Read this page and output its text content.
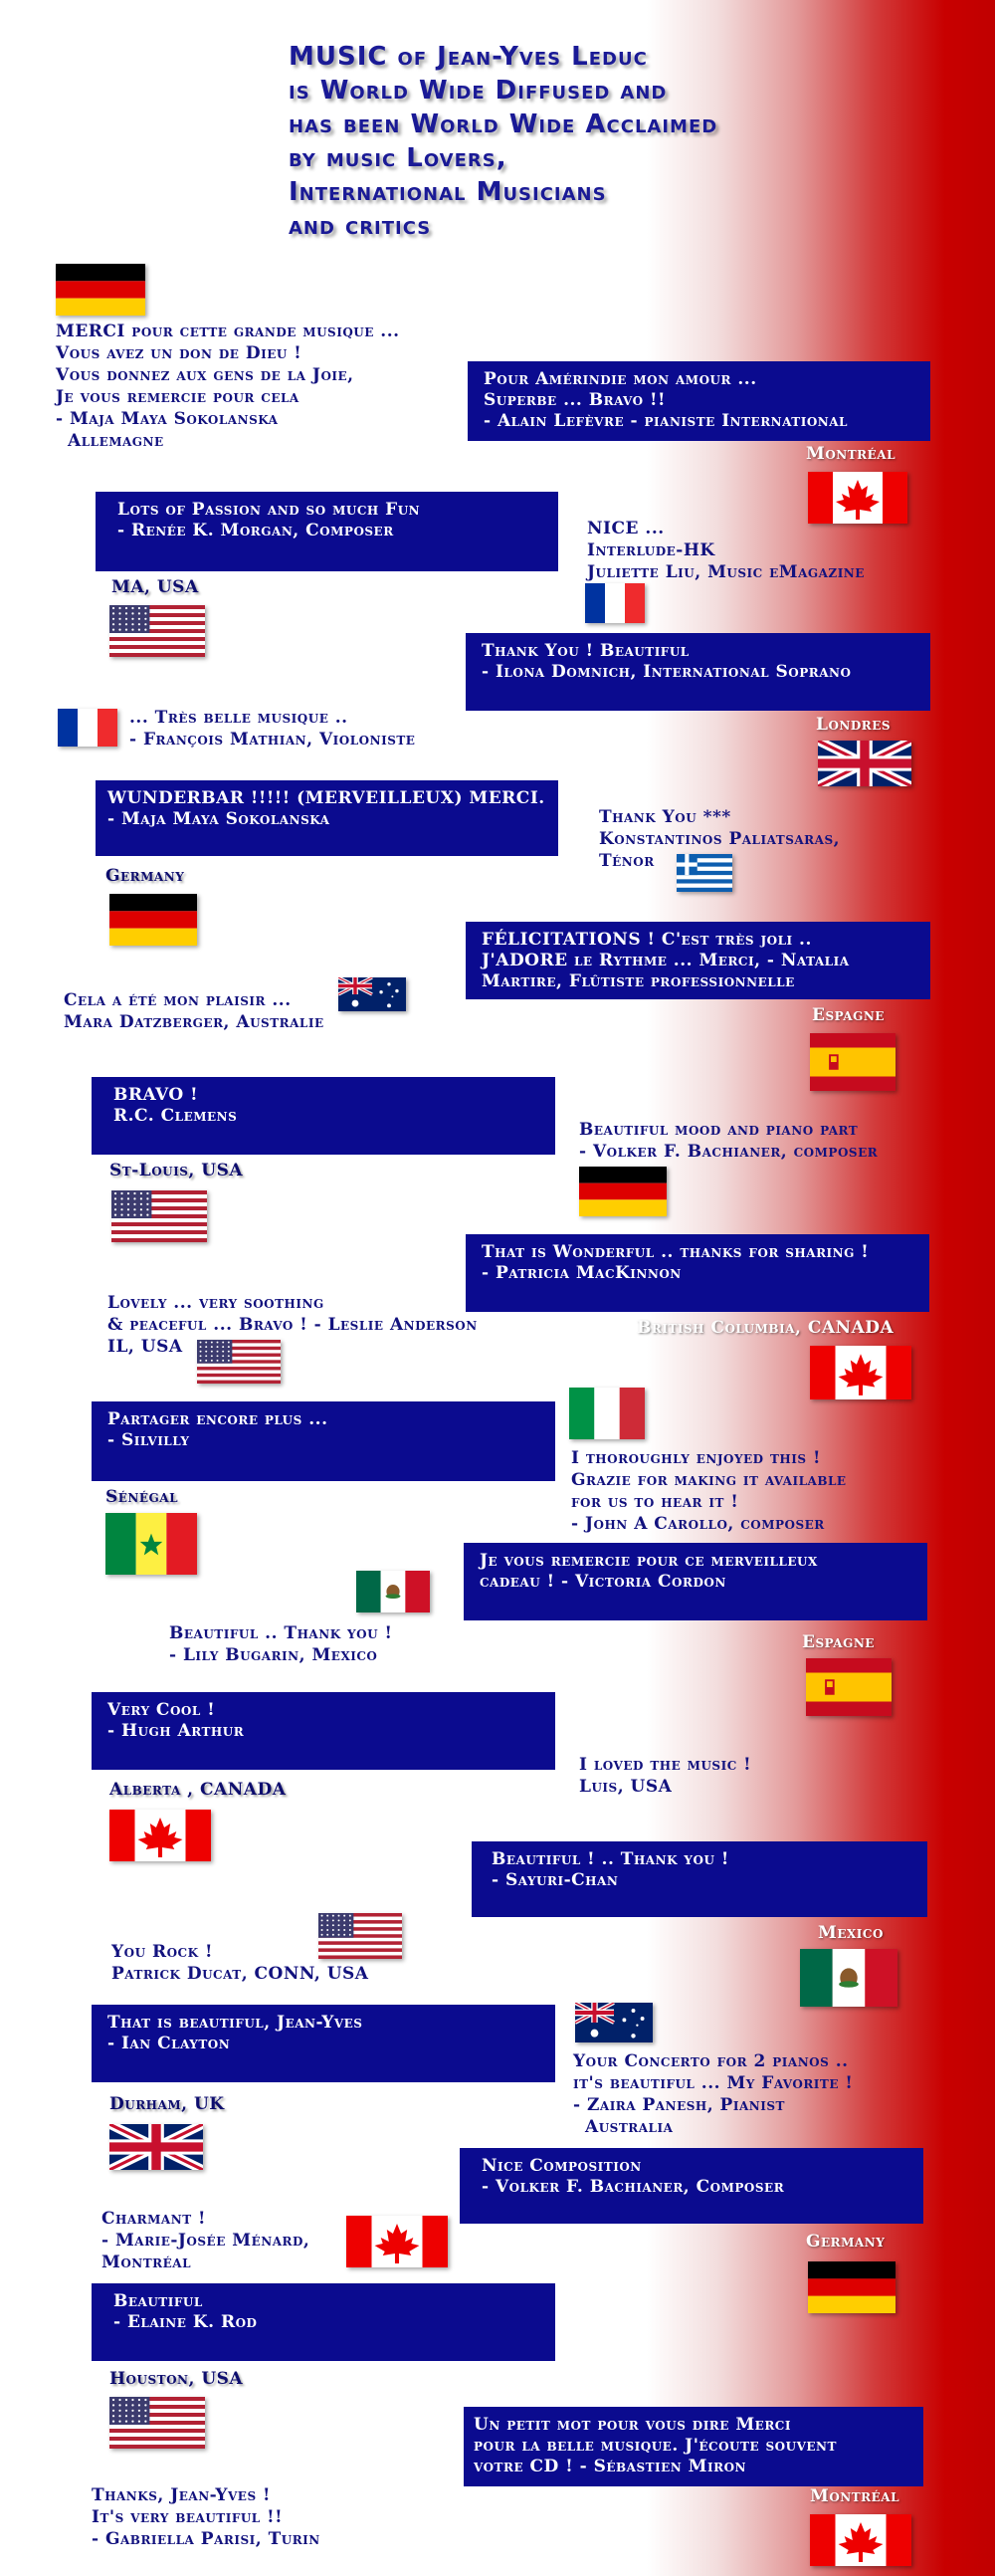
MUSIC of Jean-Yves Leduc
is World Wide Diffused and
has been World Wide Acclaimed
by music Lovers,
International Musicians
and critics
MERCI pour cette grande musique ...
Vous avez un don de Dieu !
Vous donnez aux gens de la Joie,
Je vous remercie pour cela
- Maja Maya Sokolanska
Allemagne
Pour Amérindie mon amour ...
Superbe ... Bravo !!
- Alain Lefèvre - pianiste International
Montréal
Lots of Passion and so much Fun
- Renée K. Morgan, Composer	NICE ...
Interlude-HK
Juliette Liu, Music eMagazine
MA, USA
Thank You ! Beautiful
- Ilona Domnich, International Soprano
... Très belle musique ..
- François Mathian, Violoniste
Londres
WUNDERBAR !!!!! (MERVEILLEUX) MERCI.
- Maja Maya Sokolanska	Thank You ***
Konstantinos Paliatsaras,
Ténor
Germany
FÉLICITATIONS ! C'est très joli ..
J'ADORE le Rythme ... Merci, - Natalia
Martire, Flûtiste professionnelle
Cela a été mon plaisir ...
Mara Datzberger, Australie	Espagne
BRAVO !
R.C. Clemens
Beautiful mood and piano part
- Volker F. Bachianer, composer
St-Louis, USA
That is Wonderful .. thanks for sharing !
- Patricia MacKinnon
Lovely ... very soothing
& peaceful ... Bravo ! - Leslie Anderson
IL, USA
British Columbia, CANADA
Partager encore plus ...
- Silvilly
I thoroughly enjoyed this !
Grazie for making it available
for us to hear it !
- John A Carollo, composer
Sénégal
Je vous remercie pour ce merveilleux
cadeau ! - Victoria Cordon
Beautiful .. Thank you !
- Lily Bugarin, Mexico
Espagne
Very Cool !
- Hugh Arthur
I loved the music !
Luis, USA
Alberta , CANADA
Beautiful ! .. Thank you !
- Sayuri-Chan
You Rock !
Patrick Ducat, CONN, USA
Mexico
That is beautiful, Jean-Yves
- Ian Clayton
Your Concerto for 2 pianos ..
it's beautiful ... My Favorite !
- Zaira Panesh, Pianist
Australia
Durham, UK
Nice Composition
- Volker F. Bachianer, Composer
Charmant !
- Marie-Josée Ménard,
Montréal
Germany
Beautiful
- Elaine K. Rod
Houston, USA
Un petit mot pour vous dire Merci
pour la belle musique. J'écoute souvent
votre CD ! - Sébastien Miron
Thanks, Jean-Yves !
It's very beautiful !!
- Gabriella Parisi, Turin
Montréal
